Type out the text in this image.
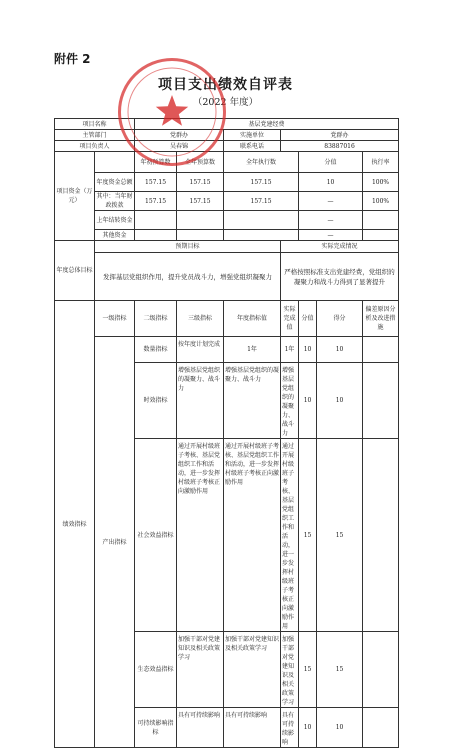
附件 2
项目支出绩效自评表
（2022 年度）
项目名称		基层党建经费							
主管部门		党群办		实施单位	党群办				
项目负责人		吴春锦		联系电话	83887016				
项目资金（万元）		年初预算数	全年预算数	全年执行数		分值		执行率	
	年度资金总额	157.15	157.15	157.15		10		100%	
	其中：当年财政拨款	157.15	157.15	157.15		—		100%	
	上年结转资金					—		
	其他资金					—		
年度总体目标	预期目标				实际完成情况				
	发挥基层党组织作用，提升党员战斗力，增强党组织凝聚力				严格按照标准支出党建经费，党组织的凝聚力和战斗力得到了显著提升				
绩效指标	一级指标	二级指标	三级指标	年度指标值	实际完成值	分值	得分	偏差原因分析及改进措施	
	产出指标	数量指标	按年度计划完成	1年	1年	10	10		
		时效指标	增强基层党组织的凝聚力、战斗力	增强基层党组织的凝聚力、战斗力	增强基层党组织的凝聚力、战斗力	10	10		
		社会效益指标	通过开展村级班子考核、基层党组织工作和活动，进一步发挥村级班子考核正向激励作用	通过开展村级班子考核、基层党组织工作和活动，进一步发挥村级班子考核正向激励作用	通过开展村级班子考核、基层党组织工作和活动，进一步发挥村级班子考核正向激励作用	15	15		
		生态效益指标	加强干部对党建知识及相关政策学习	加强干部对党建知识及相关政策学习	加强干部对党建知识及相关政策学习	15	15		
		可持续影响指标	具有可持续影响	具有可持续影响	具有可持续影响	10	10		
